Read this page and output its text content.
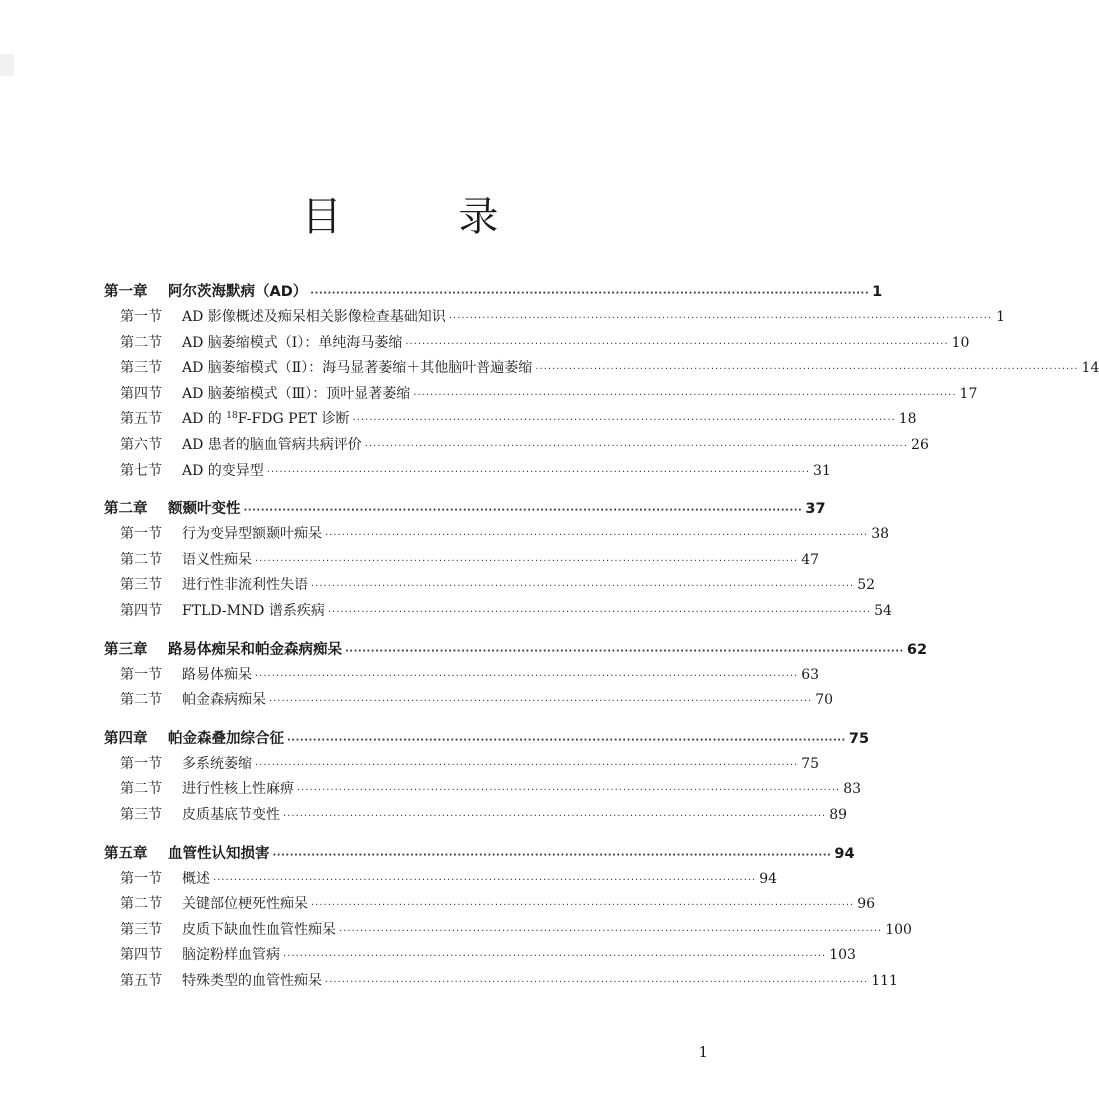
目 录
第一章	阿尔茨海默病（AD） ·································································································································· 1
第一节	AD 影像概述及痴呆相关影像检查基础知识 ·································································································································· 1
第二节	AD 脑萎缩模式（Ⅰ）：单纯海马萎缩 ·································································································································· 10
第三节	AD 脑萎缩模式（Ⅱ）：海马显著萎缩＋其他脑叶普遍萎缩 ·································································································································· 14
第四节	AD 脑萎缩模式（Ⅲ）：顶叶显著萎缩 ·································································································································· 17
第五节	AD 的 $^{18}$F-FDG PET 诊断 ·································································································································· 18
第六节	AD 患者的脑血管病共病评价 ·································································································································· 26
第七节	AD 的变异型 ·································································································································· 31
第二章	额颞叶变性 ·································································································································· 37
第一节	行为变异型额颞叶痴呆 ·································································································································· 38
第二节	语义性痴呆 ·································································································································· 47
第三节	进行性非流利性失语 ·································································································································· 52
第四节	FTLD-MND 谱系疾病 ·································································································································· 54
第三章	路易体痴呆和帕金森病痴呆 ·································································································································· 62
第一节	路易体痴呆 ·································································································································· 63
第二节	帕金森病痴呆 ·································································································································· 70
第四章	帕金森叠加综合征 ·································································································································· 75
第一节	多系统萎缩 ·································································································································· 75
第二节	进行性核上性麻痹 ·································································································································· 83
第三节	皮质基底节变性 ·································································································································· 89
第五章	血管性认知损害 ·································································································································· 94
第一节	概述 ·································································································································· 94
第二节	关键部位梗死性痴呆 ·································································································································· 96
第三节	皮质下缺血性血管性痴呆 ·································································································································· 100
第四节	脑淀粉样血管病 ·································································································································· 103
第五节	特殊类型的血管性痴呆 ·································································································································· 111
1
